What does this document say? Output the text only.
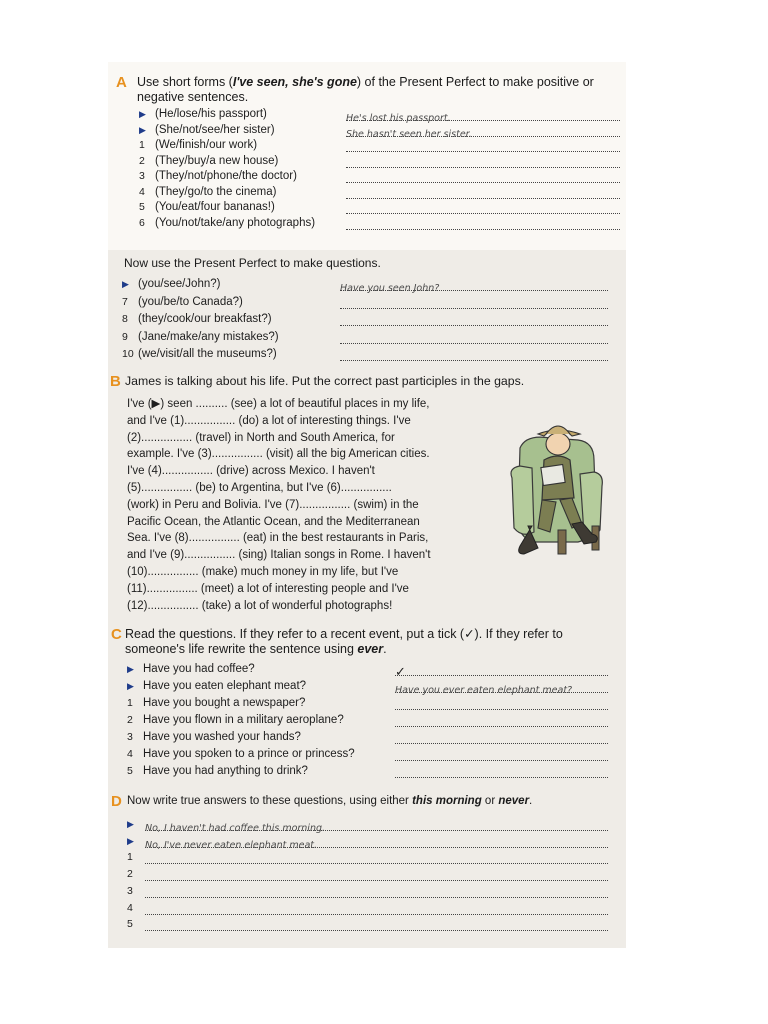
A Use short forms (I've seen, she's gone) of the Present Perfect to make positive or
negative sentences.
▶ (He/lose/his passport)	He's lost his passport.
▶ (She/not/see/her sister)	She hasn't seen her sister.
1 (We/finish/our work)
2 (They/buy/a new house)
3 (They/not/phone/the doctor)
4 (They/go/to the cinema)
5 (You/eat/four bananas!)
6 (You/not/take/any photographs)
Now use the Present Perfect to make questions.
▶ (you/see/John?)	Have you seen John?
7 (you/be/to Canada?)
8 (they/cook/our breakfast?)
9 (Jane/make/any mistakes?)
10 (we/visit/all the museums?)
B James is talking about his life. Put the correct past participles in the gaps.
I've (▶) seen .......... (see) a lot of beautiful places in my life,
and I've (1)................ (do) a lot of interesting things. I've
(2)................ (travel) in North and South America, for
example. I've (3)................ (visit) all the big American cities.
I've (4)................ (drive) across Mexico. I haven't
(5)................ (be) to Argentina, but I've (6)................
(work) in Peru and Bolivia. I've (7)................ (swim) in the
Pacific Ocean, the Atlantic Ocean, and the Mediterranean
Sea. I've (8)................ (eat) in the best restaurants in Paris,
and I've (9)................ (sing) Italian songs in Rome. I haven't
(10)................ (make) much money in my life, but I've
(11)................ (meet) a lot of interesting people and I've
(12)................ (take) a lot of wonderful photographs!
C Read the questions. If they refer to a recent event, put a tick (✓). If they refer to
someone's life rewrite the sentence using ever.
▶ Have you had coffee?	✓
▶ Have you eaten elephant meat?	Have you ever eaten elephant meat?
1 Have you bought a newspaper?
2 Have you flown in a military aeroplane?
3 Have you washed your hands?
4 Have you spoken to a prince or princess?
5 Have you had anything to drink?
D Now write true answers to these questions, using either this morning or never.
▶	No, I haven't had coffee this morning.
▶	No, I've never eaten elephant meat.
1
2
3
4
5
